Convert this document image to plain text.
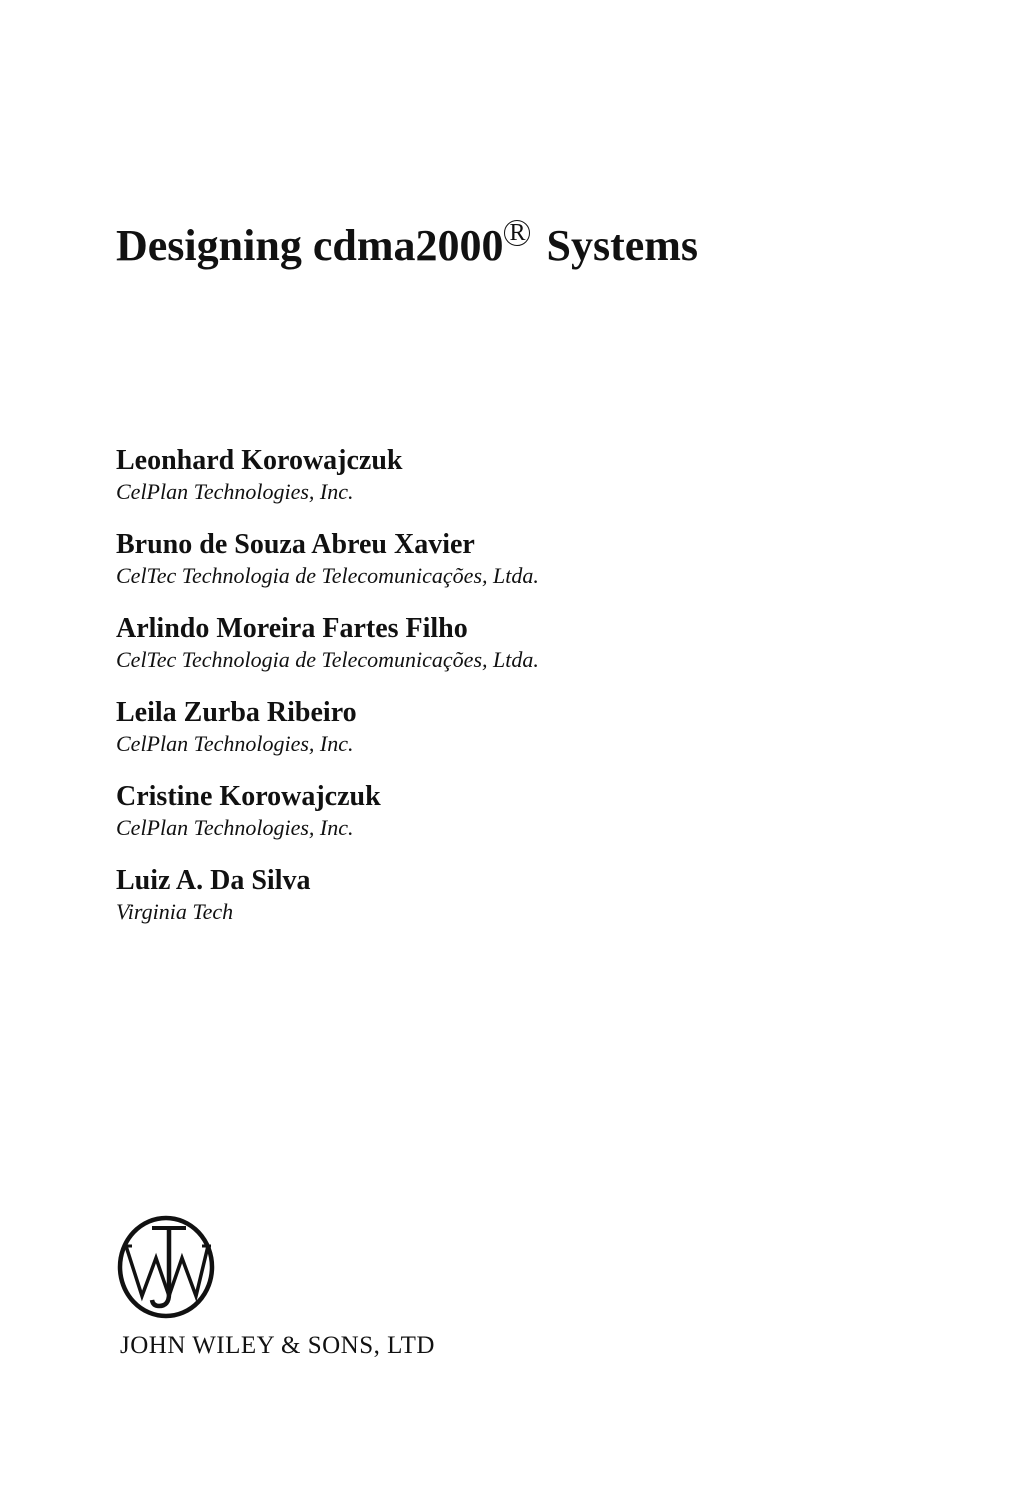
Designing cdma2000 R Systems
Leonhard Korowajczuk
CelPlan Technologies, Inc.
Bruno de Souza Abreu Xavier
CelTec Technologia de Telecomunicações, Ltda.
Arlindo Moreira Fartes Filho
CelTec Technologia de Telecomunicações, Ltda.
Leila Zurba Ribeiro
CelPlan Technologies, Inc.
Cristine Korowajczuk
CelPlan Technologies, Inc.
Luiz A. Da Silva
Virginia Tech
JOHN WILEY & SONS, LTD
